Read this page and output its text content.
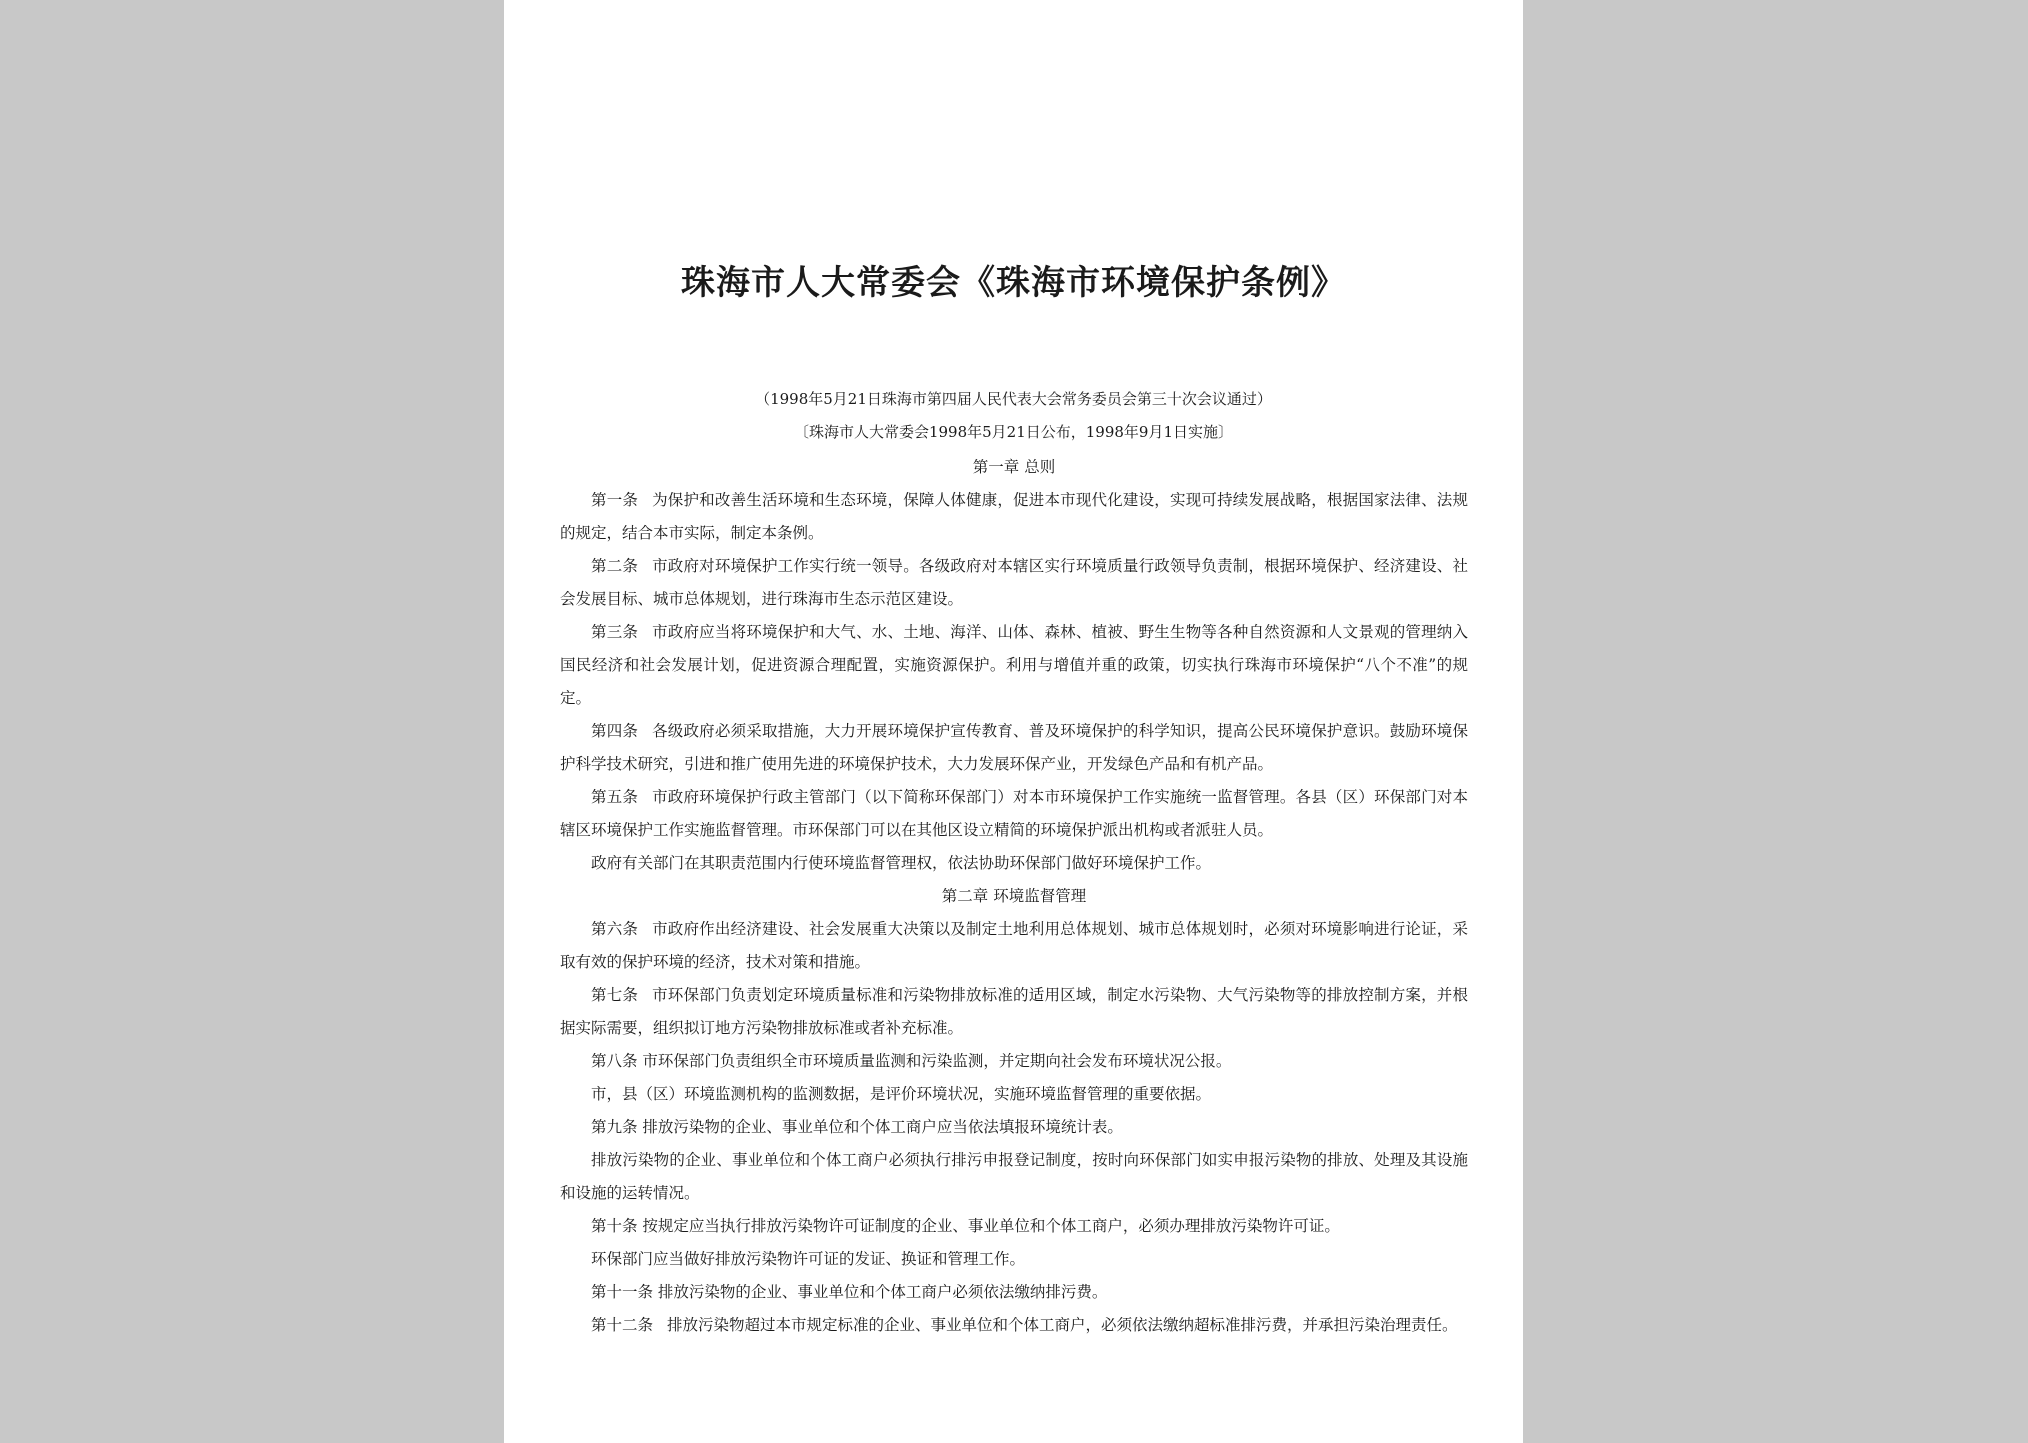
珠海市人大常委会《珠海市环境保护条例》
（1998年5月21日珠海市第四届人民代表大会常务委员会第三十次会议通过）
〔珠海市人大常委会1998年5月21日公布，1998年9月1日实施〕

第一章 总则

第一条 为保护和改善生活环境和生态环境，保障人体健康，促进本市现代化建设，实现可持续发展战略，根据国家法律、法规的规定，结合本市实际，制定本条例。

第二条 市政府对环境保护工作实行统一领导。各级政府对本辖区实行环境质量行政领导负责制，根据环境保护、经济建设、社会发展目标、城市总体规划，进行珠海市生态示范区建设。

第三条 市政府应当将环境保护和大气、水、土地、海洋、山体、森林、植被、野生生物等各种自然资源和人文景观的管理纳入国民经济和社会发展计划，促进资源合理配置，实施资源保护。利用与增值并重的政策，切实执行珠海市环境保护“八个不准”的规定。

第四条 各级政府必须采取措施，大力开展环境保护宣传教育、普及环境保护的科学知识，提高公民环境保护意识。鼓励环境保护科学技术研究，引进和推广使用先进的环境保护技术，大力发展环保产业，开发绿色产品和有机产品。

第五条 市政府环境保护行政主管部门（以下简称环保部门）对本市环境保护工作实施统一监督管理。各县（区）环保部门对本辖区环境保护工作实施监督管理。市环保部门可以在其他区设立精简的环境保护派出机构或者派驻人员。

政府有关部门在其职责范围内行使环境监督管理权，依法协助环保部门做好环境保护工作。

第二章 环境监督管理

第六条 市政府作出经济建设、社会发展重大决策以及制定土地利用总体规划、城市总体规划时，必须对环境影响进行论证，采取有效的保护环境的经济，技术对策和措施。

第七条 市环保部门负责划定环境质量标准和污染物排放标准的适用区域，制定水污染物、大气污染物等的排放控制方案，并根据实际需要，组织拟订地方污染物排放标准或者补充标准。

第八条 市环保部门负责组织全市环境质量监测和污染监测，并定期向社会发布环境状况公报。

市，县（区）环境监测机构的监测数据，是评价环境状况，实施环境监督管理的重要依据。

第九条 排放污染物的企业、事业单位和个体工商户应当依法填报环境统计表。

排放污染物的企业、事业单位和个体工商户必须执行排污申报登记制度，按时向环保部门如实申报污染物的排放、处理及其设施和设施的运转情况。

第十条 按规定应当执行排放污染物许可证制度的企业、事业单位和个体工商户，必须办理排放污染物许可证。

环保部门应当做好排放污染物许可证的发证、换证和管理工作。

第十一条 排放污染物的企业、事业单位和个体工商户必须依法缴纳排污费。

第十二条 排放污染物超过本市规定标准的企业、事业单位和个体工商户，必须依法缴纳超标准排污费，并承担污染治理责任。
